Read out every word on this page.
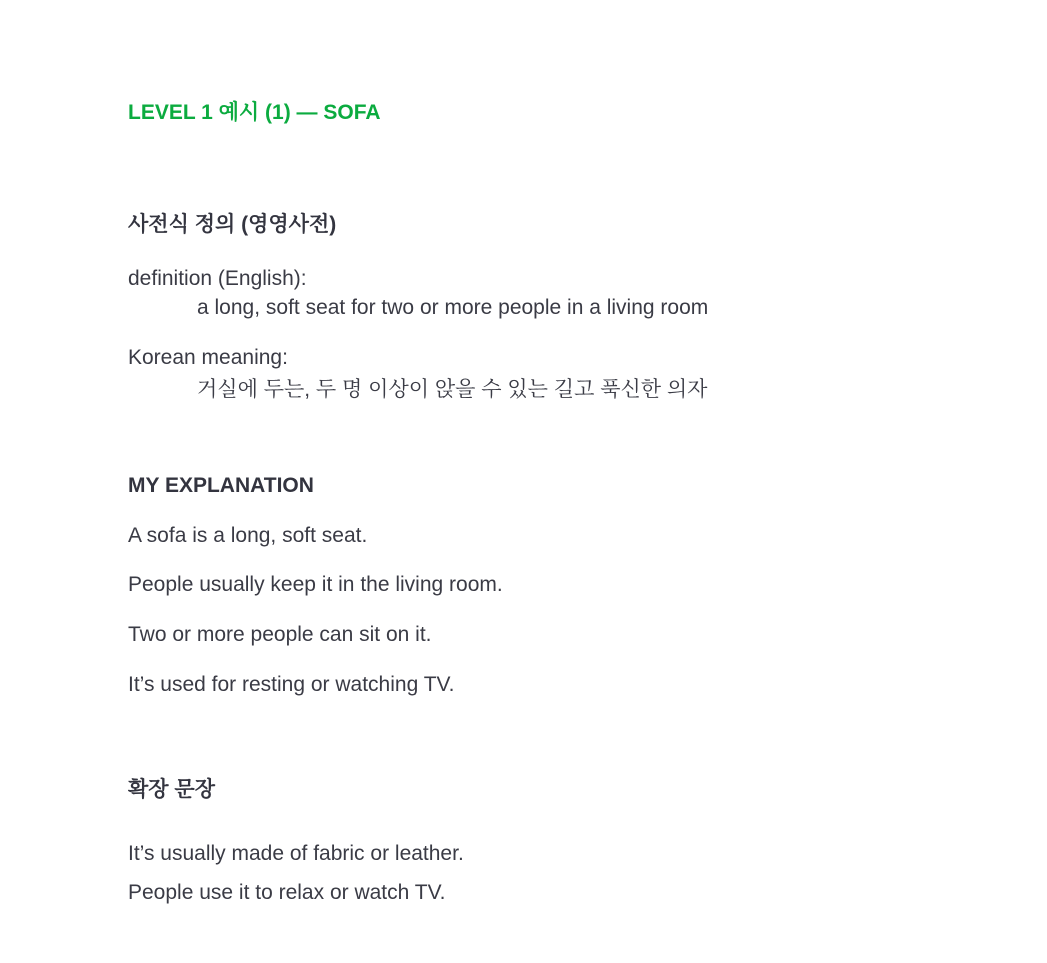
LEVEL 1 예시 (1) — SOFA
사전식 정의 (영영사전)
definition (English):
a long, soft seat for two or more people in a living room
Korean meaning:
거실에 두는, 두 명 이상이 앉을 수 있는 길고 푹신한 의자
MY EXPLANATION
A sofa is a long, soft seat.
People usually keep it in the living room.
Two or more people can sit on it.
It’s used for resting or watching TV.
확장 문장
It’s usually made of fabric or leather.
People use it to relax or watch TV.
